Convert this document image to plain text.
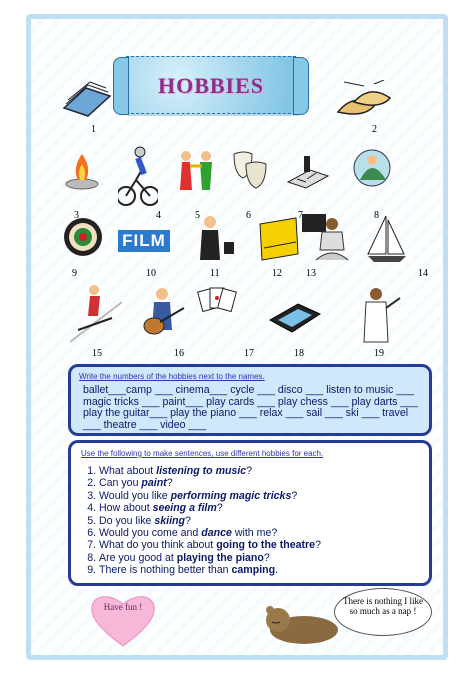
HOBBIES
FILM
1	2
3	4	5	6	7	8
9	10	11	12 13	14
15	16	17	18	19
Write the numbers of the hobbies next to the names.
ballet___camp ___ cinema___ cycle ___ disco ___ listen to music ___ magic tricks ___ paint___ play cards ___ play chess ___ play darts ___ play the guitar___ play the piano ___ relax ___ sail ___ ski ___ travel ___ theatre ___ video ___
Use the following to make sentences, use different hobbies for each.
1. What about listening to music?
2. Can you paint?
3. Would you like performing magic tricks?
4. How about seeing a film?
5. Do you like skiing?
6. Would you come and dance with me?
7. What do you think about going to the theatre?
8. Are you good at playing the piano?
9. There is nothing better than camping.
Have fun !
There is nothing I like so much as a nap !
